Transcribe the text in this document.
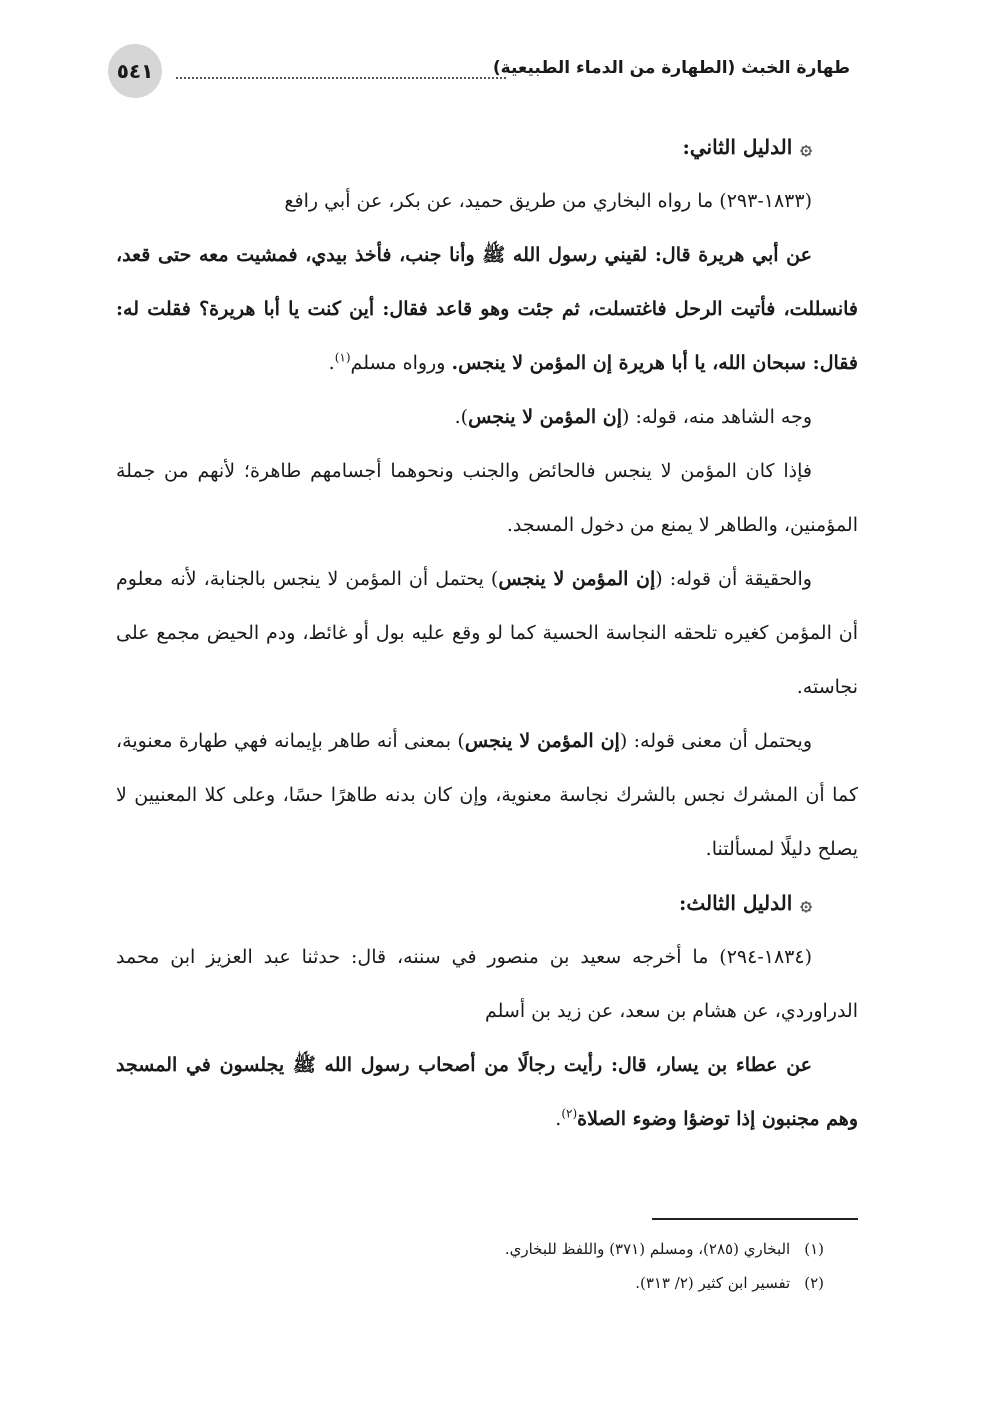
طهارة الخبث (الطهارة من الدماء الطبيعية)
٥٤١

۞الدليل الثاني:

(١٨٣٣-٢٩٣) ما رواه البخاري من طريق حميد، عن بكر، عن أبي رافع

عن أبي هريرة قال: لقيني رسول الله ﷺ وأنا جنب، فأخذ بيدي، فمشيت معه حتى قعد، فانسللت، فأتيت الرحل فاغتسلت، ثم جئت وهو قاعد فقال: أين كنت يا أبا هريرة؟ فقلت له: فقال: سبحان الله، يا أبا هريرة إن المؤمن لا ينجس. ورواه مسلم$^{(١)}$.

وجه الشاهد منه، قوله: (إن المؤمن لا ينجس).

فإذا كان المؤمن لا ينجس فالحائض والجنب ونحوهما أجسامهم طاهرة؛ لأنهم من جملة المؤمنين، والطاهر لا يمنع من دخول المسجد.

والحقيقة أن قوله: (إن المؤمن لا ينجس) يحتمل أن المؤمن لا ينجس بالجنابة، لأنه معلوم أن المؤمن كغيره تلحقه النجاسة الحسية كما لو وقع عليه بول أو غائط، ودم الحيض مجمع على نجاسته.

ويحتمل أن معنى قوله: (إن المؤمن لا ينجس) بمعنى أنه طاهر بإيمانه فهي طهارة معنوية، كما أن المشرك نجس بالشرك نجاسة معنوية، وإن كان بدنه طاهرًا حسًا، وعلى كلا المعنيين لا يصلح دليلًا لمسألتنا.

۞الدليل الثالث:

(١٨٣٤-٢٩٤) ما أخرجه سعيد بن منصور في سننه، قال: حدثنا عبد العزيز ابن محمد الدراوردي، عن هشام بن سعد، عن زيد بن أسلم

عن عطاء بن يسار، قال: رأيت رجالًا من أصحاب رسول الله ﷺ يجلسون في المسجد وهم مجنبون إذا توضؤا وضوء الصلاة$^{(٢)}$.

(١)البخاري (٢٨٥)، ومسلم (٣٧١) واللفظ للبخاري.

(٢)تفسير ابن كثير (٢/ ٣١٣).
